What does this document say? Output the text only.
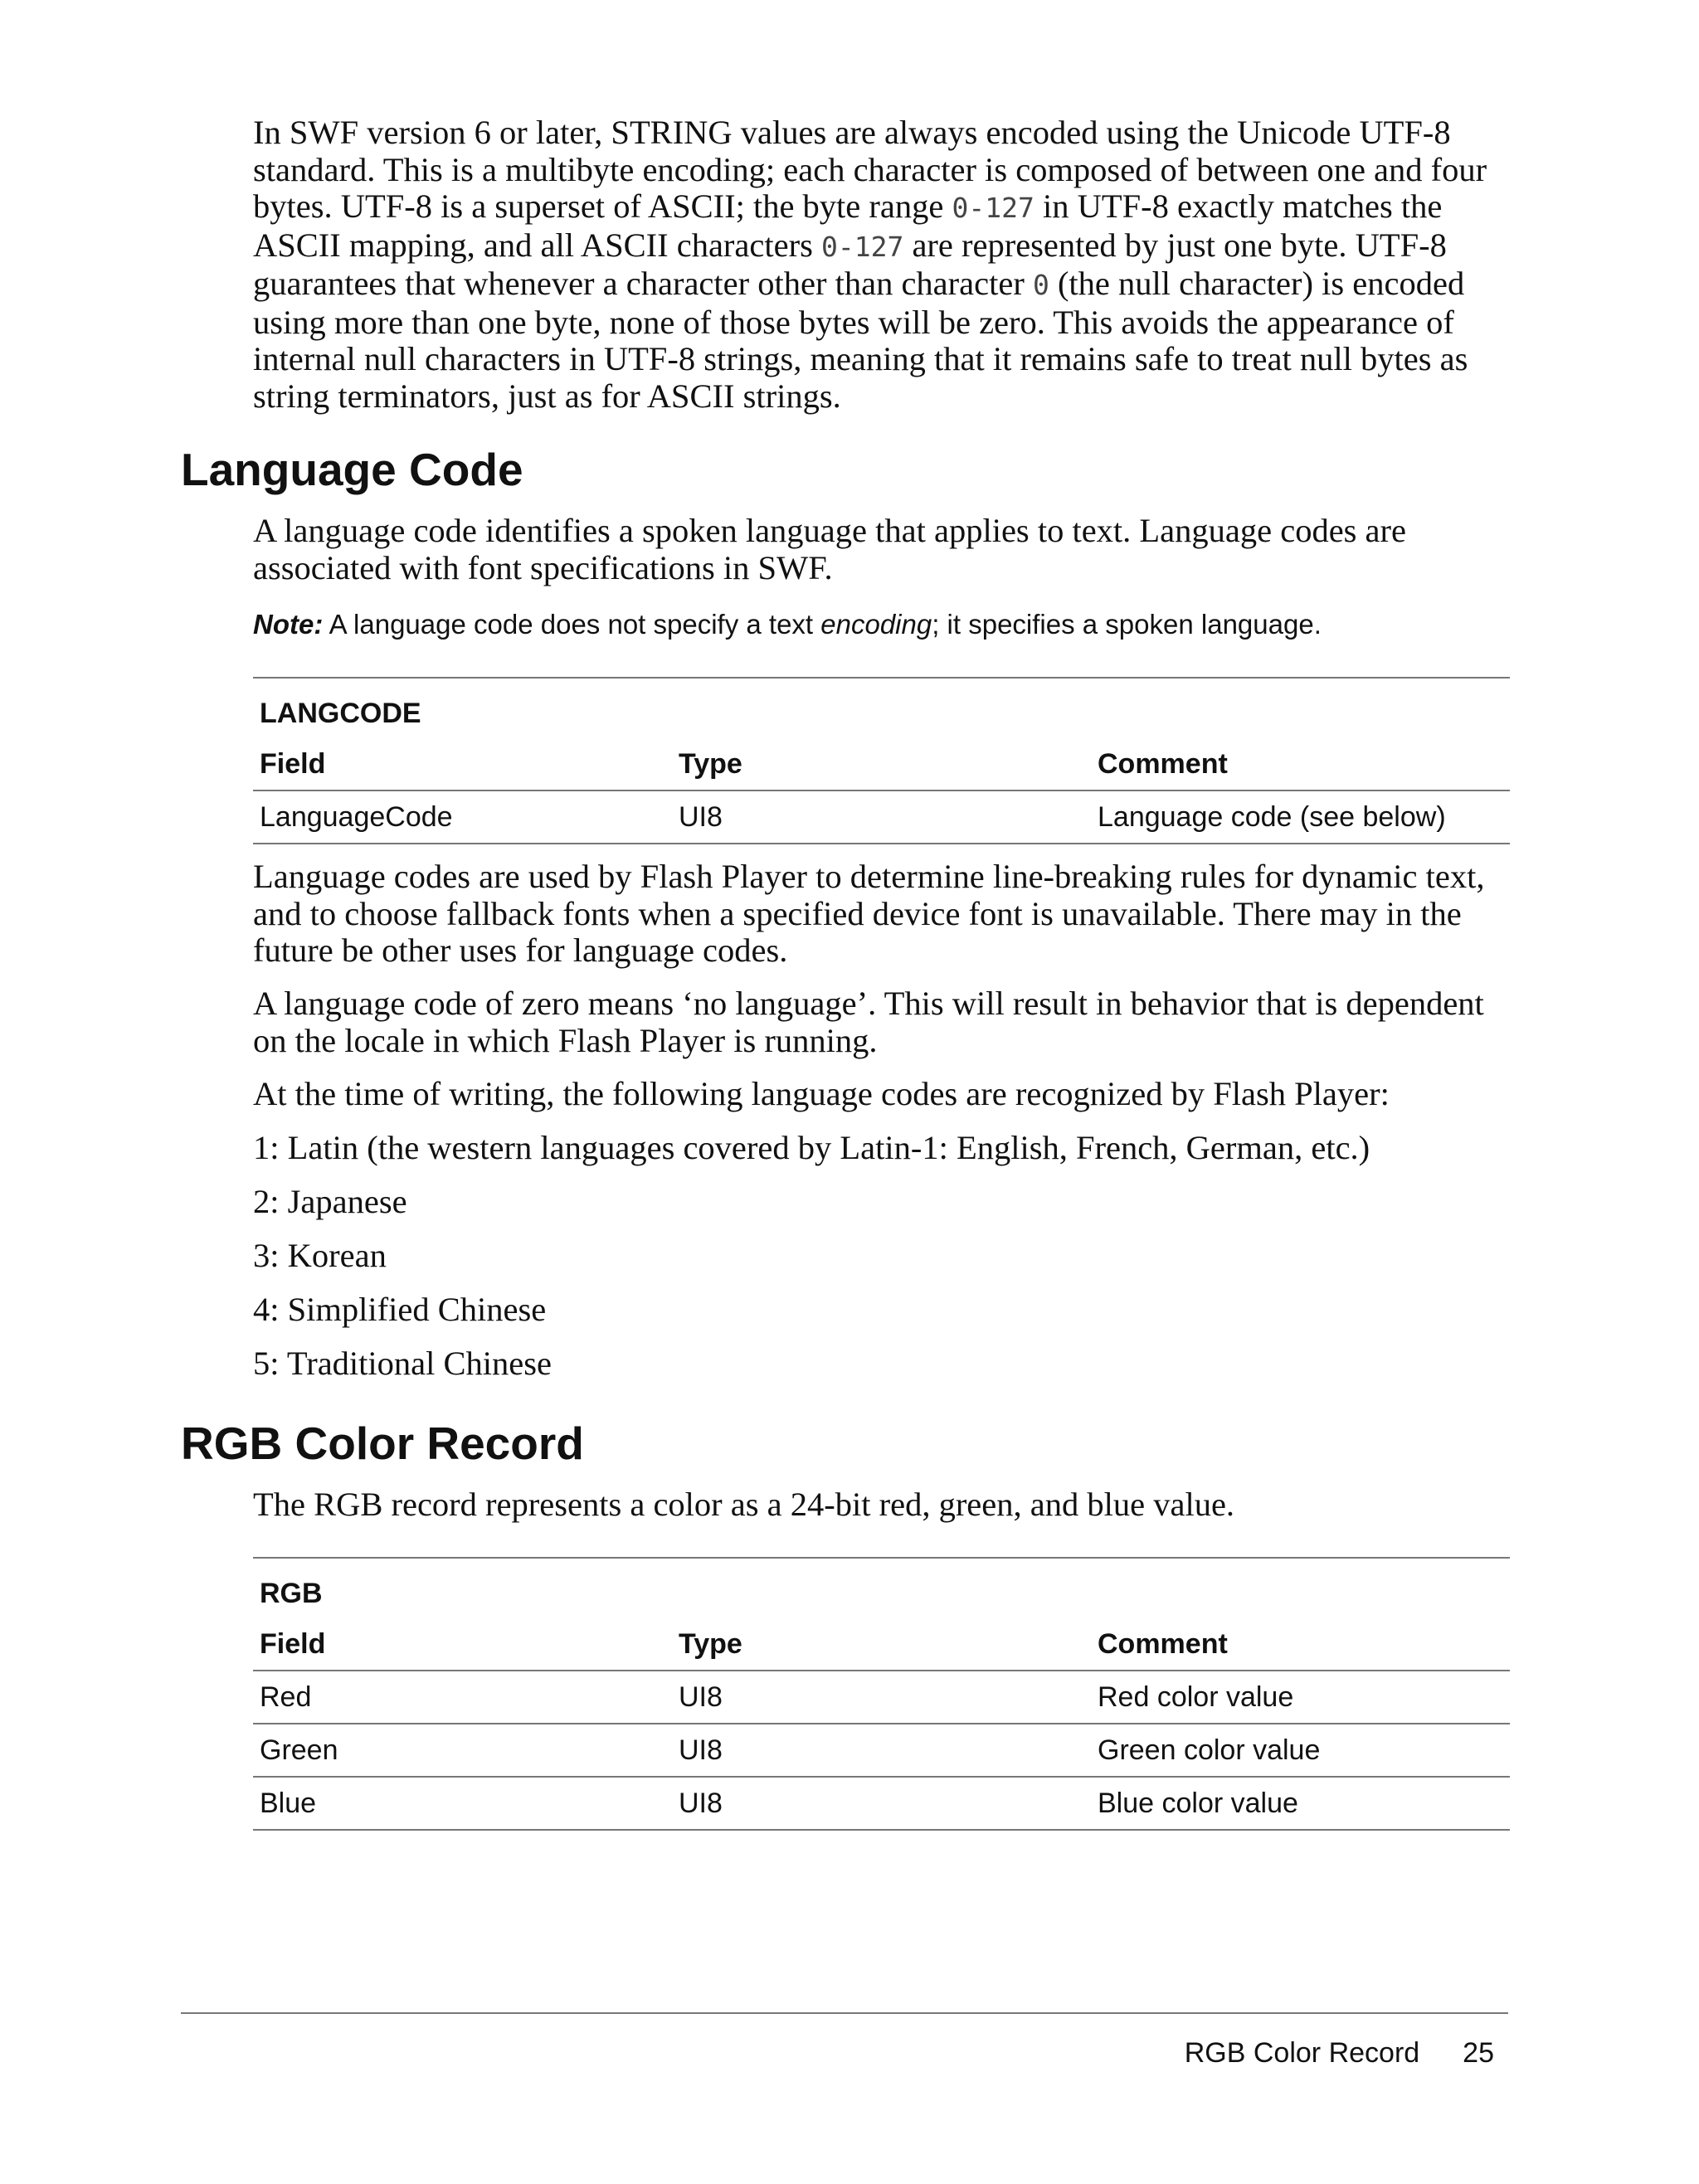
In SWF version 6 or later, STRING values are always encoded using the Unicode UTF-8 standard. This is a multibyte encoding; each character is composed of between one and four bytes. UTF-8 is a superset of ASCII; the byte range 0-127 in UTF-8 exactly matches the ASCII mapping, and all ASCII characters 0-127 are represented by just one byte. UTF-8 guarantees that whenever a character other than character 0 (the null character) is encoded using more than one byte, none of those bytes will be zero. This avoids the appearance of internal null characters in UTF-8 strings, meaning that it remains safe to treat null bytes as string terminators, just as for ASCII strings.

Language Code

A language code identifies a spoken language that applies to text. Language codes are associated with font specifications in SWF.

Note: A language code does not specify a text encoding; it specifies a spoken language.

LANGCODE		
Field	Type	Comment
LanguageCode	UI8	Language code (see below)

Language codes are used by Flash Player to determine line-breaking rules for dynamic text, and to choose fallback fonts when a specified device font is unavailable. There may in the future be other uses for language codes.

A language code of zero means ‘no language’. This will result in behavior that is dependent on the locale in which Flash Player is running.

At the time of writing, the following language codes are recognized by Flash Player:

1: Latin (the western languages covered by Latin-1: English, French, German, etc.)

2: Japanese

3: Korean

4: Simplified Chinese

5: Traditional Chinese

RGB Color Record

The RGB record represents a color as a 24-bit red, green, and blue value.

RGB		
Field	Type	Comment
Red	UI8	Red color value
Green	UI8	Green color value
Blue	UI8	Blue color value
RGB Color Record 25
